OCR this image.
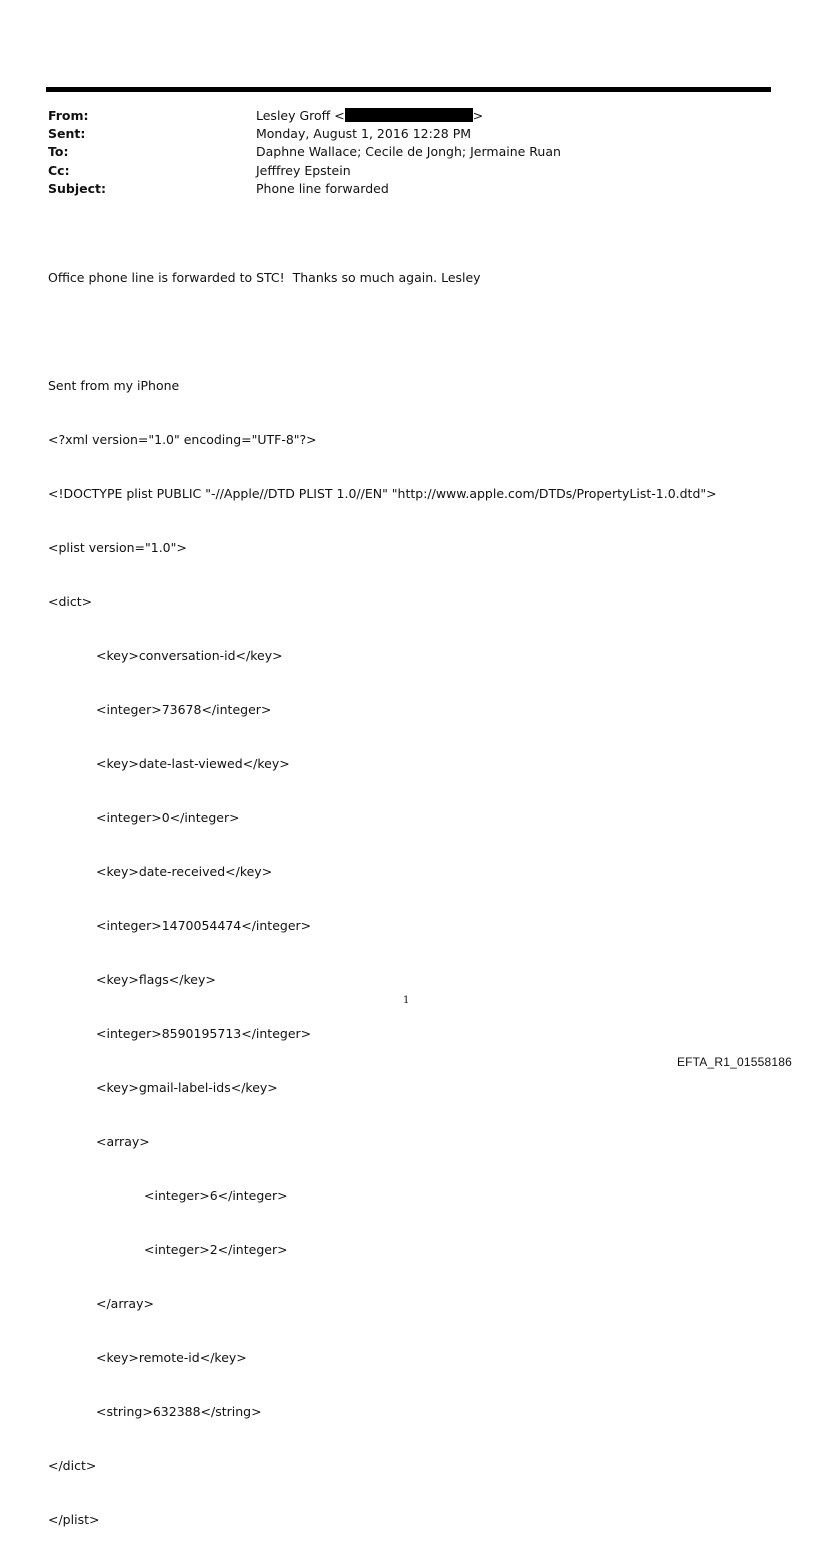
From:	Lesley Groff <	>
Sent:	Monday, August 1, 2016 12:28 PM
To:	Daphne Wallace; Cecile de Jongh; Jermaine Ruan
Cc:	Jefffrey Epstein
Subject:	Phone line forwarded

Office phone line is forwarded to STC!  Thanks so much again. Lesley

Sent from my iPhone

<?xml version="1.0" encoding="UTF-8"?>

<!DOCTYPE plist PUBLIC "-//Apple//DTD PLIST 1.0//EN" "http://www.apple.com/DTDs/PropertyList-1.0.dtd">

<plist version="1.0">

<dict>

<key>conversation-id</key>

<integer>73678</integer>

<key>date-last-viewed</key>

<integer>0</integer>

<key>date-received</key>

<integer>1470054474</integer>

<key>flags</key>

<integer>8590195713</integer>

<key>gmail-label-ids</key>

<array>

<integer>6</integer>

<integer>2</integer>

</array>

<key>remote-id</key>

<string>632388</string>

</dict>

</plist>

1
EFTA_R1_01558186
